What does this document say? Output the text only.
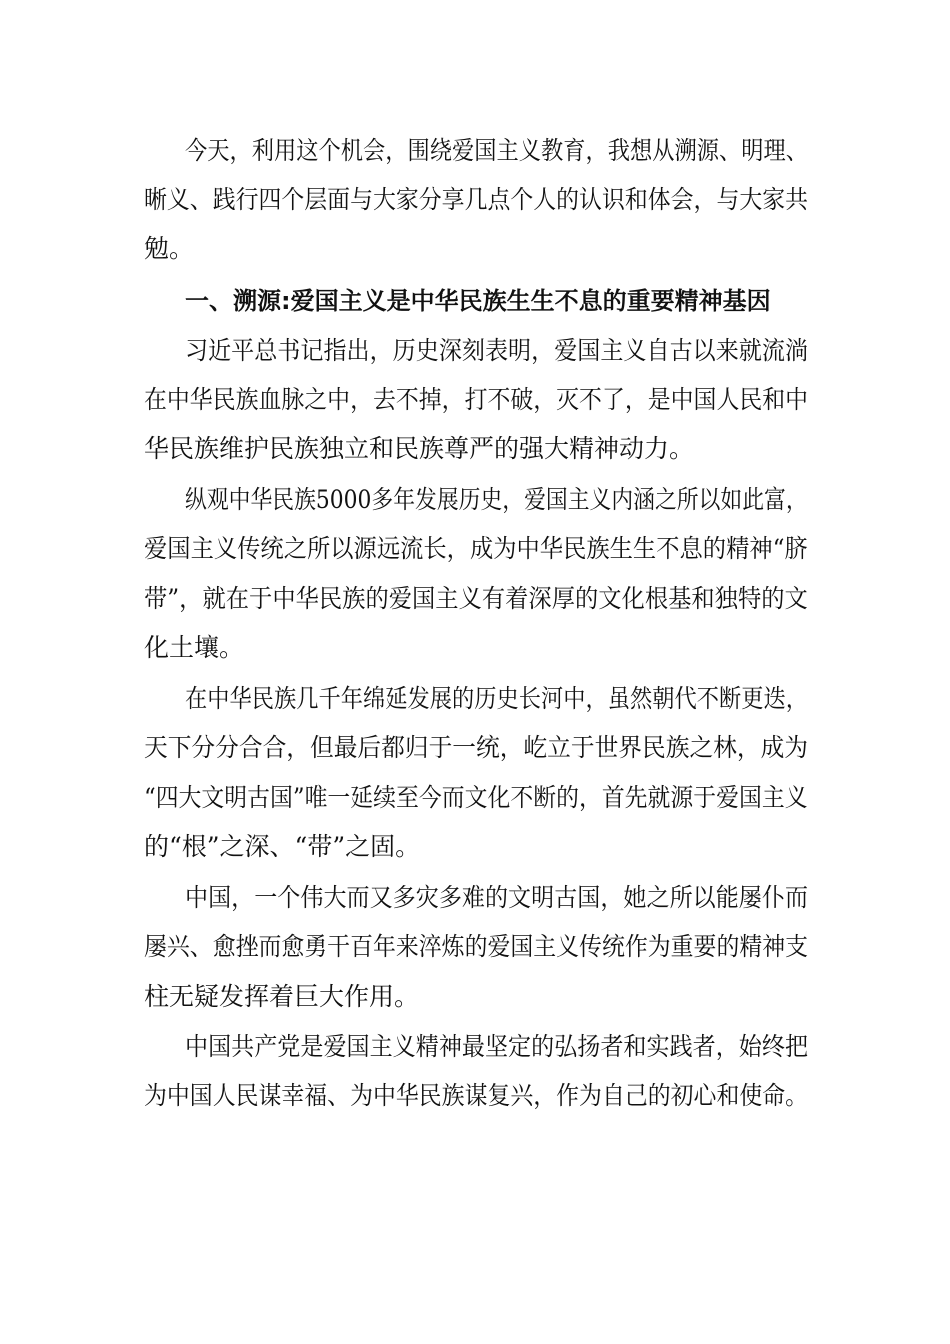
今天，利用这个机会，围绕爱国主义教育，我想从溯源、明理、

晰义、践行四个层面与大家分享几点个人的认识和体会，与大家共

勉。

一、溯源:爱国主义是中华民族生生不息的重要精神基因

习近平总书记指出，历史深刻表明，爱国主义自古以来就流淌

在中华民族血脉之中，去不掉，打不破，灭不了，是中国人民和中

华民族维护民族独立和民族尊严的强大精神动力。

纵观中华民族5000多年发展历史，爱国主义内涵之所以如此富，

爱国主义传统之所以源远流长，成为中华民族生生不息的精神“脐

带”，就在于中华民族的爱国主义有着深厚的文化根基和独特的文

化土壤。

在中华民族几千年绵延发展的历史长河中，虽然朝代不断更迭，

天下分分合合，但最后都归于一统，屹立于世界民族之林，成为

“四大文明古国”唯一延续至今而文化不断的，首先就源于爱国主义

的“根”之深、“带”之固。

中国，一个伟大而又多灾多难的文明古国，她之所以能屡仆而

屡兴、愈挫而愈勇干百年来淬炼的爱国主义传统作为重要的精神支

柱无疑发挥着巨大作用。

中国共产党是爱国主义精神最坚定的弘扬者和实践者，始终把

为中国人民谋幸福、为中华民族谋复兴，作为自己的初心和使命。
